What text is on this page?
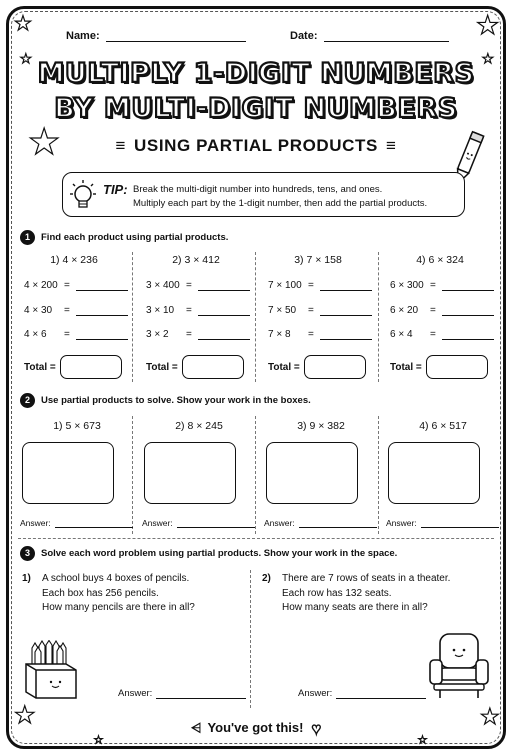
★
★
★
★
★
★	★
★	★
Name:	Date:
MULTIPLY 1-DIGIT NUMBERS
BY MULTI-DIGIT NUMBERS
≡ USING PARTIAL PRODUCTS ≡
TIP: Break the multi-digit number into hundreds, tens, and ones.
Multiply each part by the 1-digit number, then add the partial products.
1	Find each product using partial products.
1) 4 × 236
4 × 200 =
4 × 30	=
4 × 6	=
Total =
2) 3 × 412
3 × 400 =
3 × 10	=
3 × 2	=
Total =
3) 7 × 158
7 × 100 =
7 × 50	=
7 × 8	=
Total =
4) 6 × 324
6 × 300 =
6 × 20	=
6 × 4	=
Total =
2	Use partial products to solve. Show your work in the boxes.
1) 5 × 673
Answer:
2) 8 × 245
Answer:
3) 9 × 382
Answer:
4) 6 × 517
Answer:
3	Solve each word problem using partial products. Show your work in the space.
1) A school buys 4 boxes of pencils.
Each box has 256 pencils.
How many pencils are there in all?
2) There are 7 rows of seats in a theater.
Each row has 132 seats.
How many seats are there in all?
Answer:	Answer:
⩤ You've got this! ♥
